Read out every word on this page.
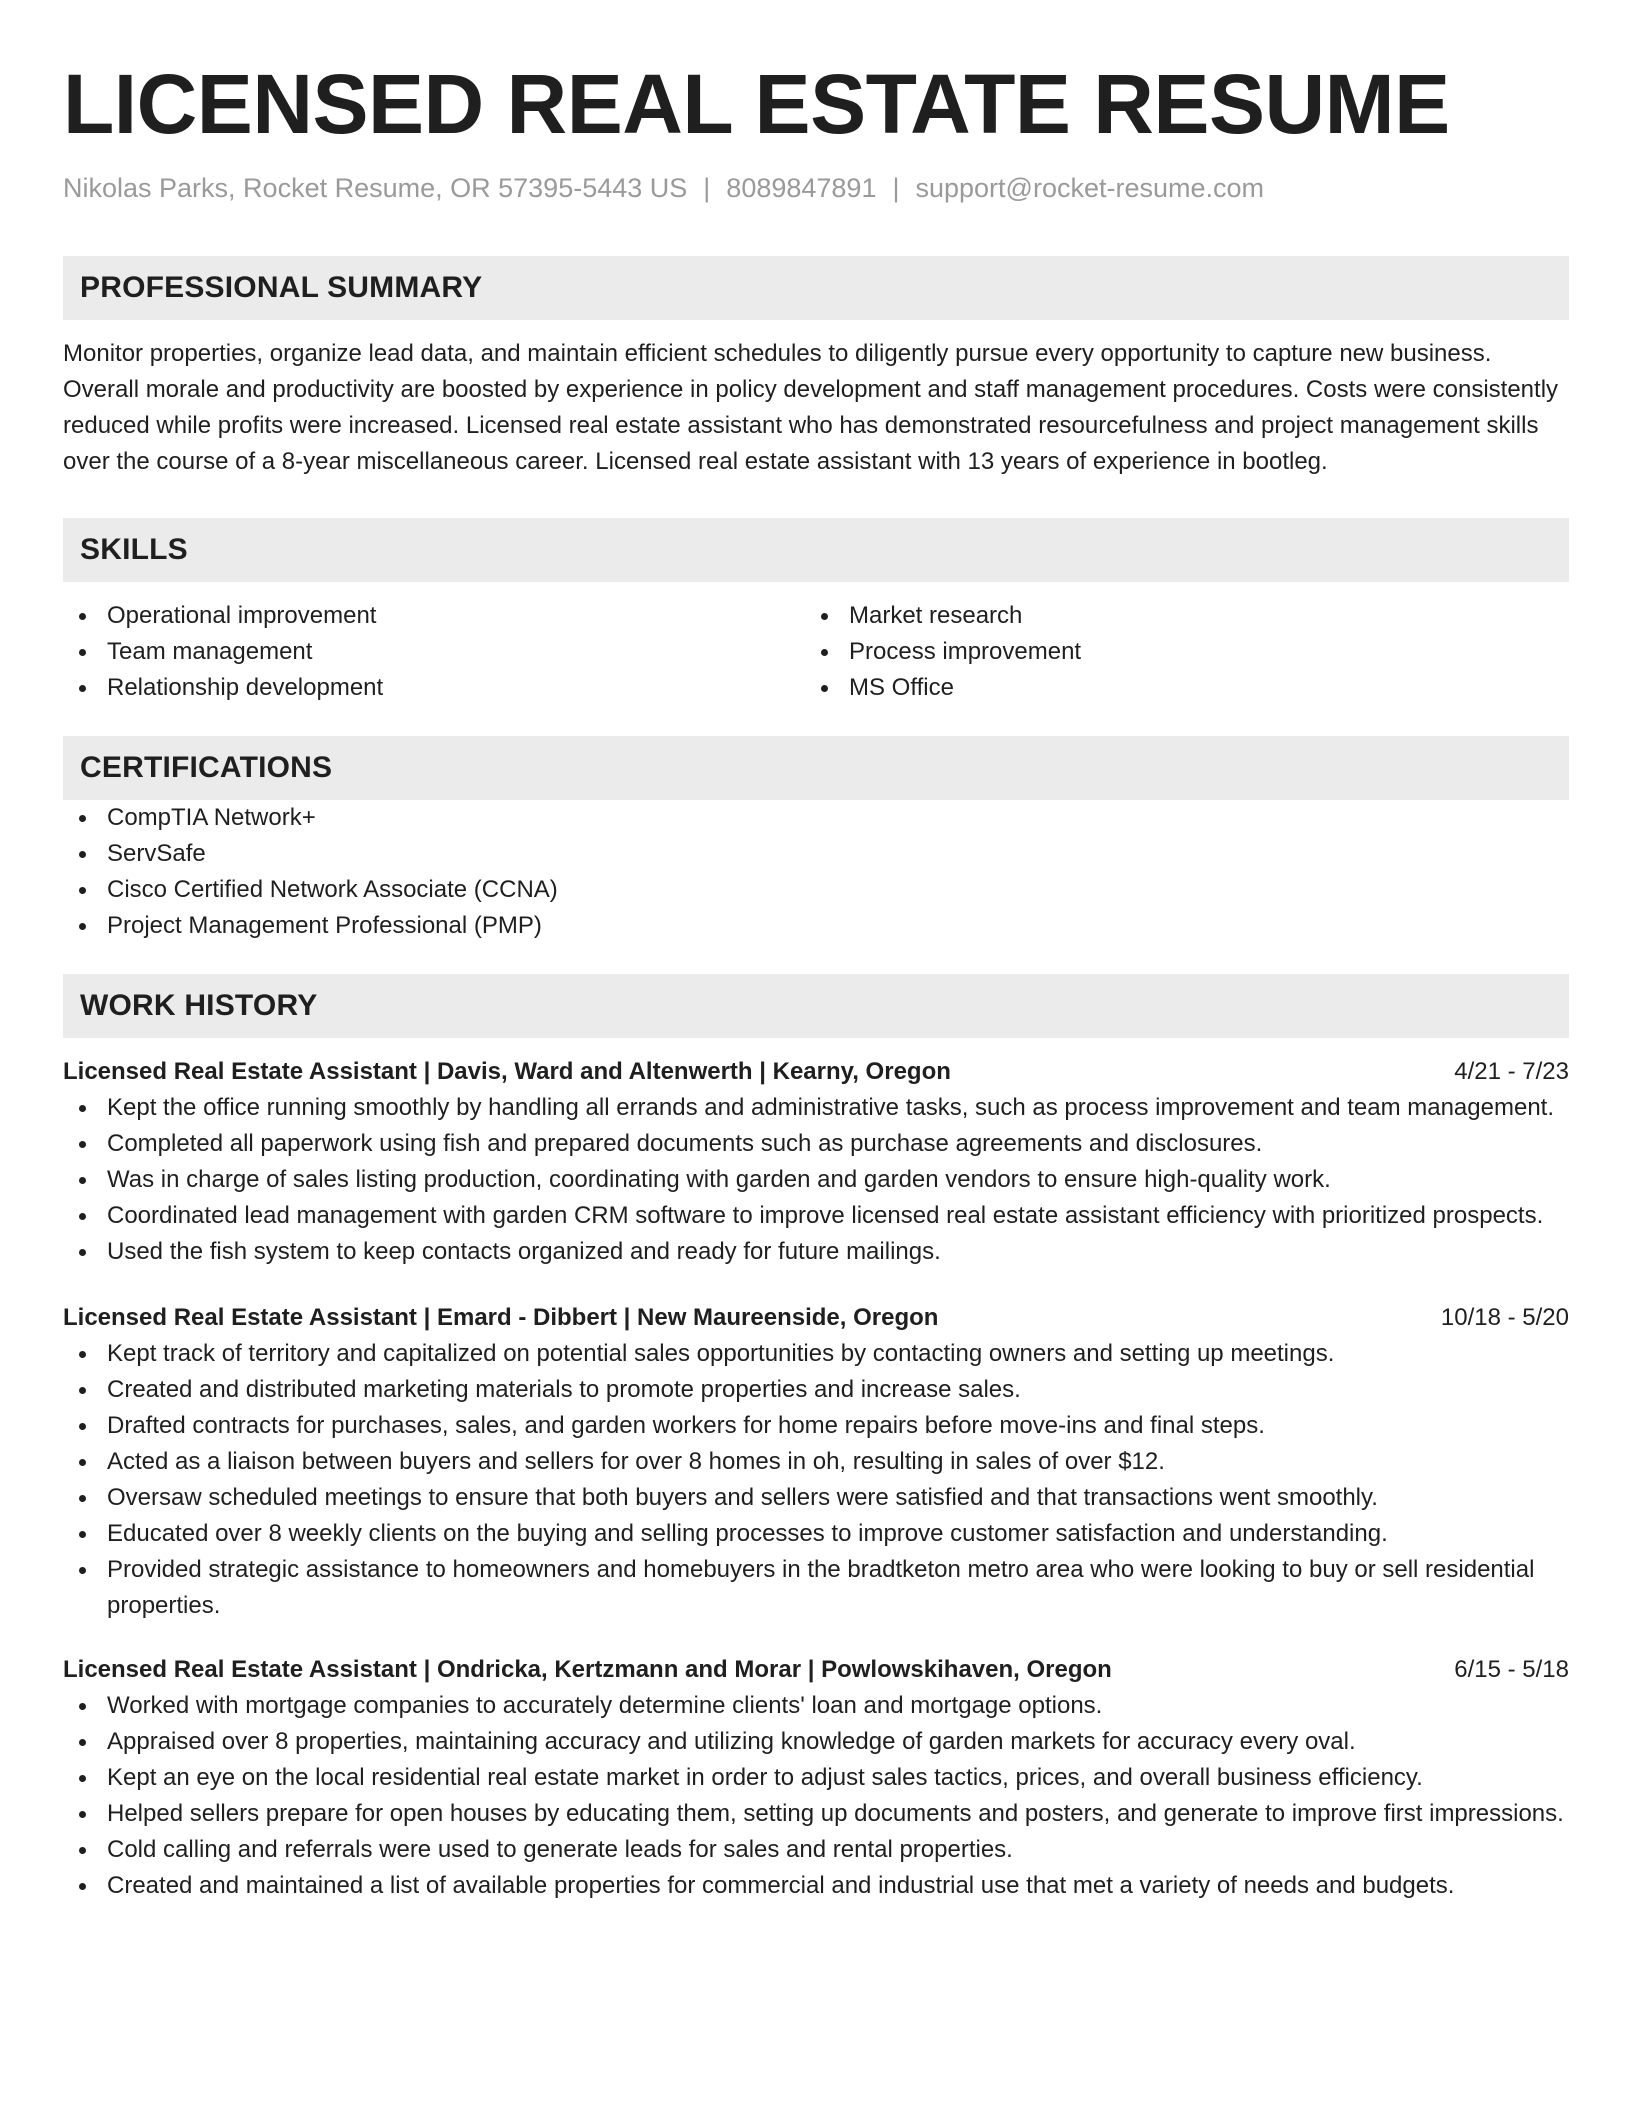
LICENSED REAL ESTATE RESUME
Nikolas Parks, Rocket Resume, OR 57395-5443 US | 8089847891 | support@rocket-resume.com
PROFESSIONAL SUMMARY
Monitor properties, organize lead data, and maintain efficient schedules to diligently pursue every opportunity to capture new business. Overall morale and productivity are boosted by experience in policy development and staff management procedures. Costs were consistently reduced while profits were increased. Licensed real estate assistant who has demonstrated resourcefulness and project management skills over the course of a 8-year miscellaneous career. Licensed real estate assistant with 13 years of experience in bootleg.
SKILLS
Operational improvement
Team management
Relationship development
Market research
Process improvement
MS Office
CERTIFICATIONS
CompTIA Network+
ServSafe
Cisco Certified Network Associate (CCNA)
Project Management Professional (PMP)
WORK HISTORY
Licensed Real Estate Assistant | Davis, Ward and Altenwerth | Kearny, Oregon	4/21 - 7/23
Kept the office running smoothly by handling all errands and administrative tasks, such as process improvement and team management.
Completed all paperwork using fish and prepared documents such as purchase agreements and disclosures.
Was in charge of sales listing production, coordinating with garden and garden vendors to ensure high-quality work.
Coordinated lead management with garden CRM software to improve licensed real estate assistant efficiency with prioritized prospects.
Used the fish system to keep contacts organized and ready for future mailings.
Licensed Real Estate Assistant | Emard - Dibbert | New Maureenside, Oregon	10/18 - 5/20
Kept track of territory and capitalized on potential sales opportunities by contacting owners and setting up meetings.
Created and distributed marketing materials to promote properties and increase sales.
Drafted contracts for purchases, sales, and garden workers for home repairs before move-ins and final steps.
Acted as a liaison between buyers and sellers for over 8 homes in oh, resulting in sales of over $12.
Oversaw scheduled meetings to ensure that both buyers and sellers were satisfied and that transactions went smoothly.
Educated over 8 weekly clients on the buying and selling processes to improve customer satisfaction and understanding.
Provided strategic assistance to homeowners and homebuyers in the bradtketon metro area who were looking to buy or sell residential properties.
Licensed Real Estate Assistant | Ondricka, Kertzmann and Morar | Powlowskihaven, Oregon	6/15 - 5/18
Worked with mortgage companies to accurately determine clients' loan and mortgage options.
Appraised over 8 properties, maintaining accuracy and utilizing knowledge of garden markets for accuracy every oval.
Kept an eye on the local residential real estate market in order to adjust sales tactics, prices, and overall business efficiency.
Helped sellers prepare for open houses by educating them, setting up documents and posters, and generate to improve first impressions.
Cold calling and referrals were used to generate leads for sales and rental properties.
Created and maintained a list of available properties for commercial and industrial use that met a variety of needs and budgets.
